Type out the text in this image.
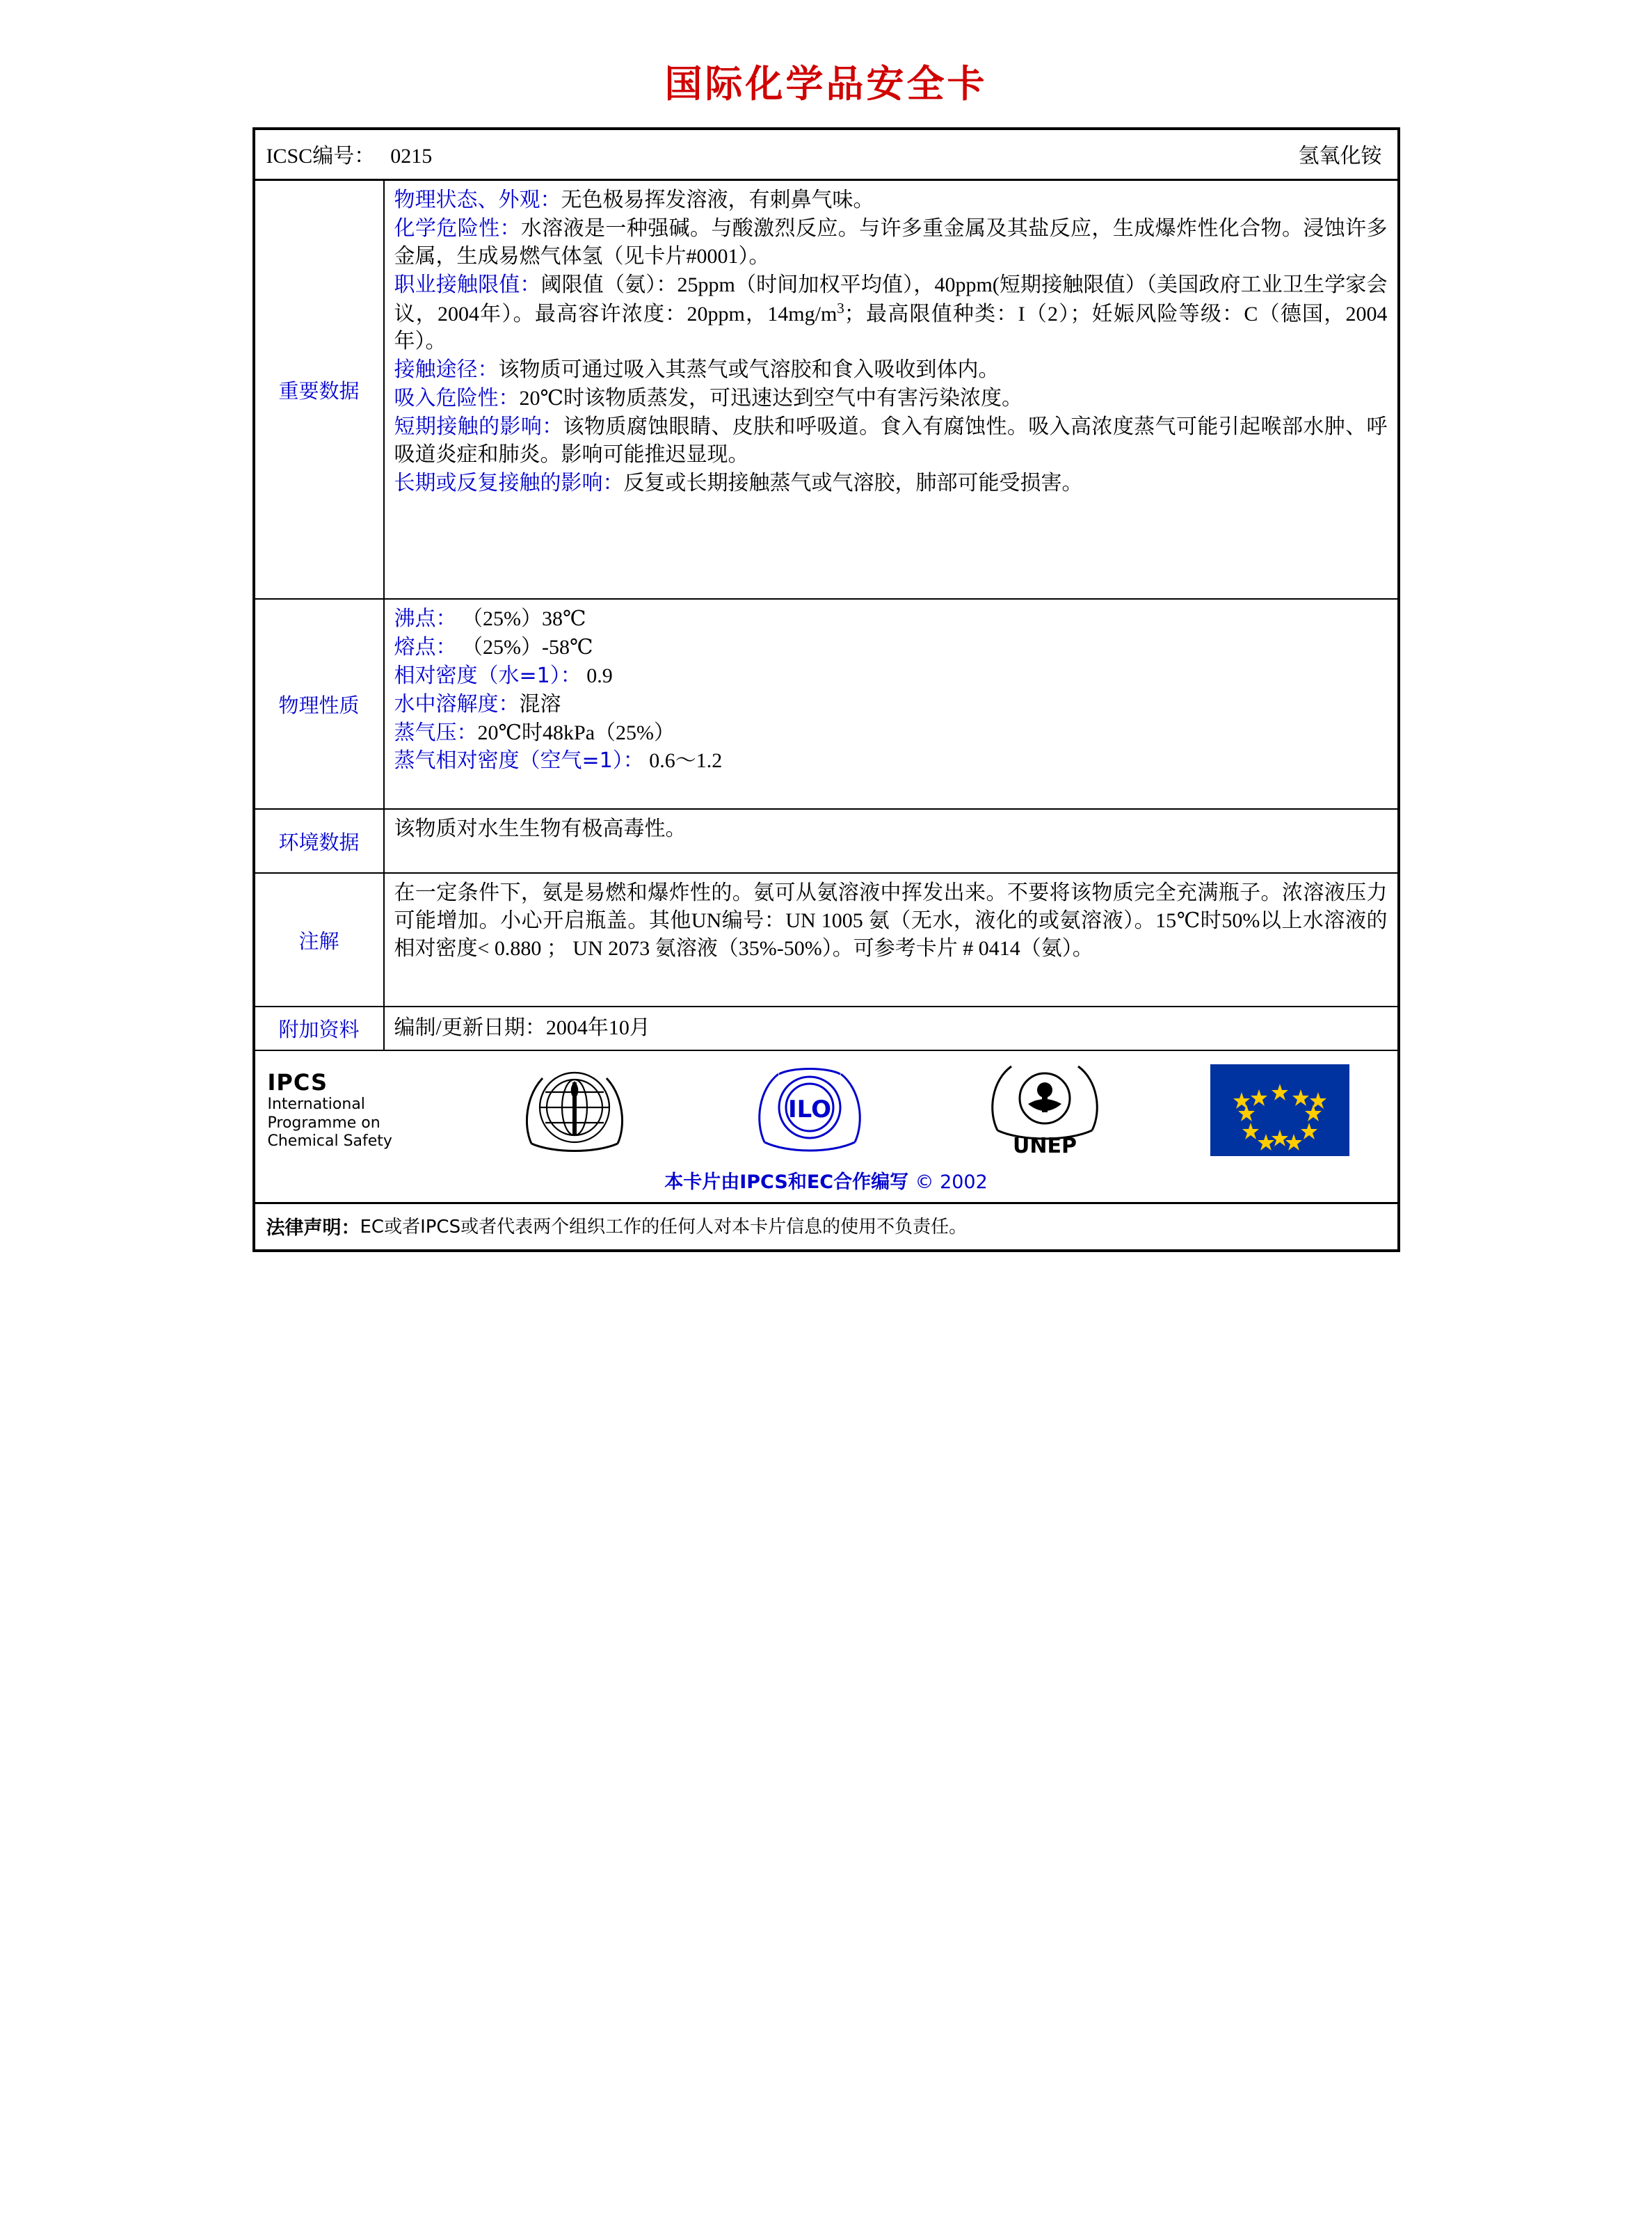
国际化学品安全卡
ICSC编号： 0215	氢氧化铵
重要数据

物理状态、外观：无色极易挥发溶液，有刺鼻气味。

化学危险性：水溶液是一种强碱。与酸激烈反应。与许多重金属及其盐反应，生成爆炸性化合物。浸蚀许多金属，生成易燃气体氢（见卡片#0001）。

职业接触限值：阈限值（氨）：25ppm（时间加权平均值），40ppm(短期接触限值）（美国政府工业卫生学家会议，2004年）。最高容许浓度：20ppm，$14mg/m^3$；最高限值种类：I（2）；妊娠风险等级：C（德国，2004年）。

接触途径：该物质可通过吸入其蒸气或气溶胶和食入吸收到体内。

吸入危险性：20℃时该物质蒸发，可迅速达到空气中有害污染浓度。

短期接触的影响：该物质腐蚀眼睛、皮肤和呼吸道。食入有腐蚀性。吸入高浓度蒸气可能引起喉部水肿、呼吸道炎症和肺炎。影响可能推迟显现。

长期或反复接触的影响：反复或长期接触蒸气或气溶胶，肺部可能受损害。

物理性质

沸点： （25%）38℃

熔点： （25%）-58℃

相对密度（水=1）： 0.9

水中溶解度：混溶

蒸气压：20℃时48kPa（25%）

蒸气相对密度（空气=1）： 0.6～1.2

环境数据

该物质对水生生物有极高毒性。

注解

在一定条件下，氨是易燃和爆炸性的。氨可从氨溶液中挥发出来。不要将该物质完全充满瓶子。浓溶液压力可能增加。小心开启瓶盖。其他UN编号：UN 1005 氨（无水，液化的或氨溶液）。15℃时50%以上水溶液的相对密度< 0.880 ； UN 2073 氨溶液（35%-50%）。可参考卡片 # 0414（氨）。

附加资料	编制/更新日期：2004年10月

IPCS
International
Programme on
Chemical Safety
ILO
UNEP
本卡片由IPCS和EC合作编写 © 2002
法律声明： EC或者IPCS或者代表两个组织工作的任何人对本卡片信息的使用不负责任。
